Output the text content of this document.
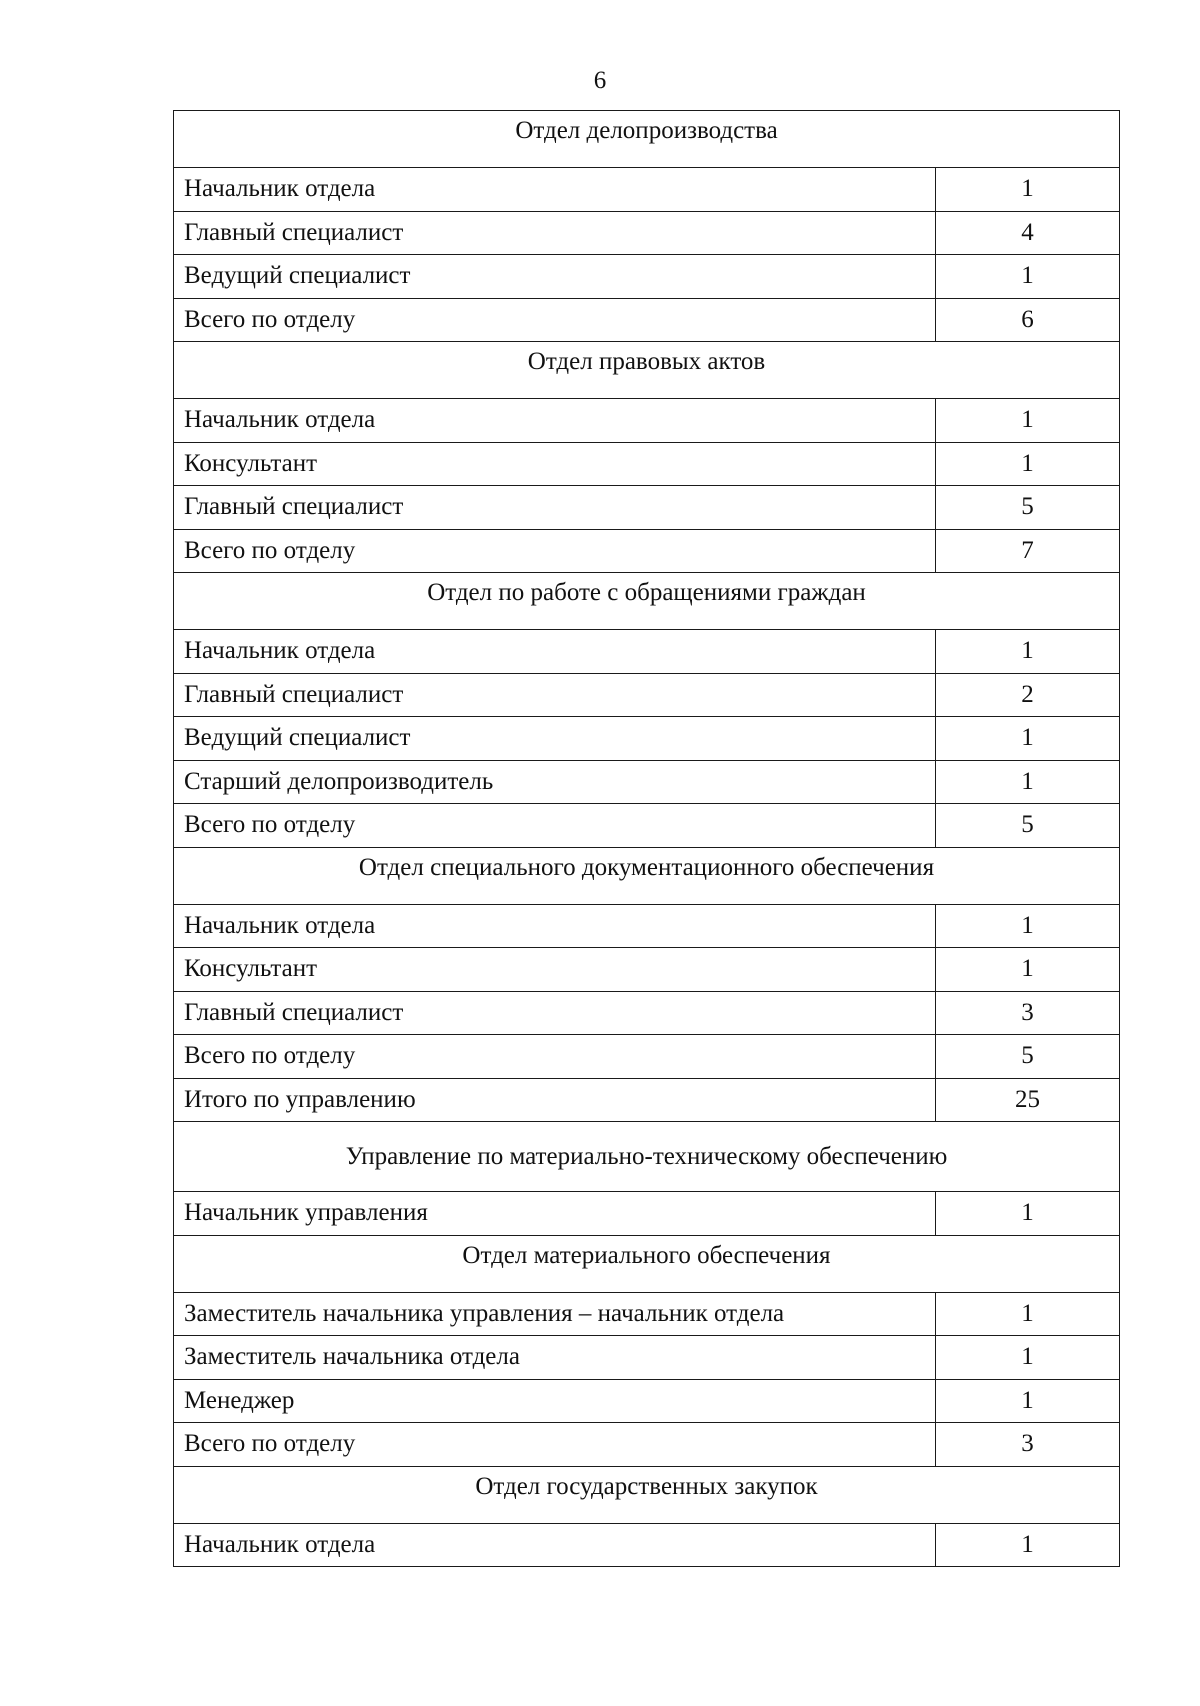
6
Отдел делопроизводства	
Начальник отдела	1
Главный специалист	4
Ведущий специалист	1
Всего по отделу	6
Отдел правовых актов	
Начальник отдела	1
Консультант	1
Главный специалист	5
Всего по отделу	7
Отдел по работе с обращениями граждан	
Начальник отдела	1
Главный специалист	2
Ведущий специалист	1
Старший делопроизводитель	1
Всего по отделу	5
Отдел специального документационного обеспечения	
Начальник отдела	1
Консультант	1
Главный специалист	3
Всего по отделу	5
Итого по управлению	25
Управление по материально-техническому обеспечению	
Начальник управления	1
Отдел материального обеспечения	
Заместитель начальника управления – начальник отдела	1
Заместитель начальника отдела	1
Менеджер	1
Всего по отделу	3
Отдел государственных закупок	
Начальник отдела	1
